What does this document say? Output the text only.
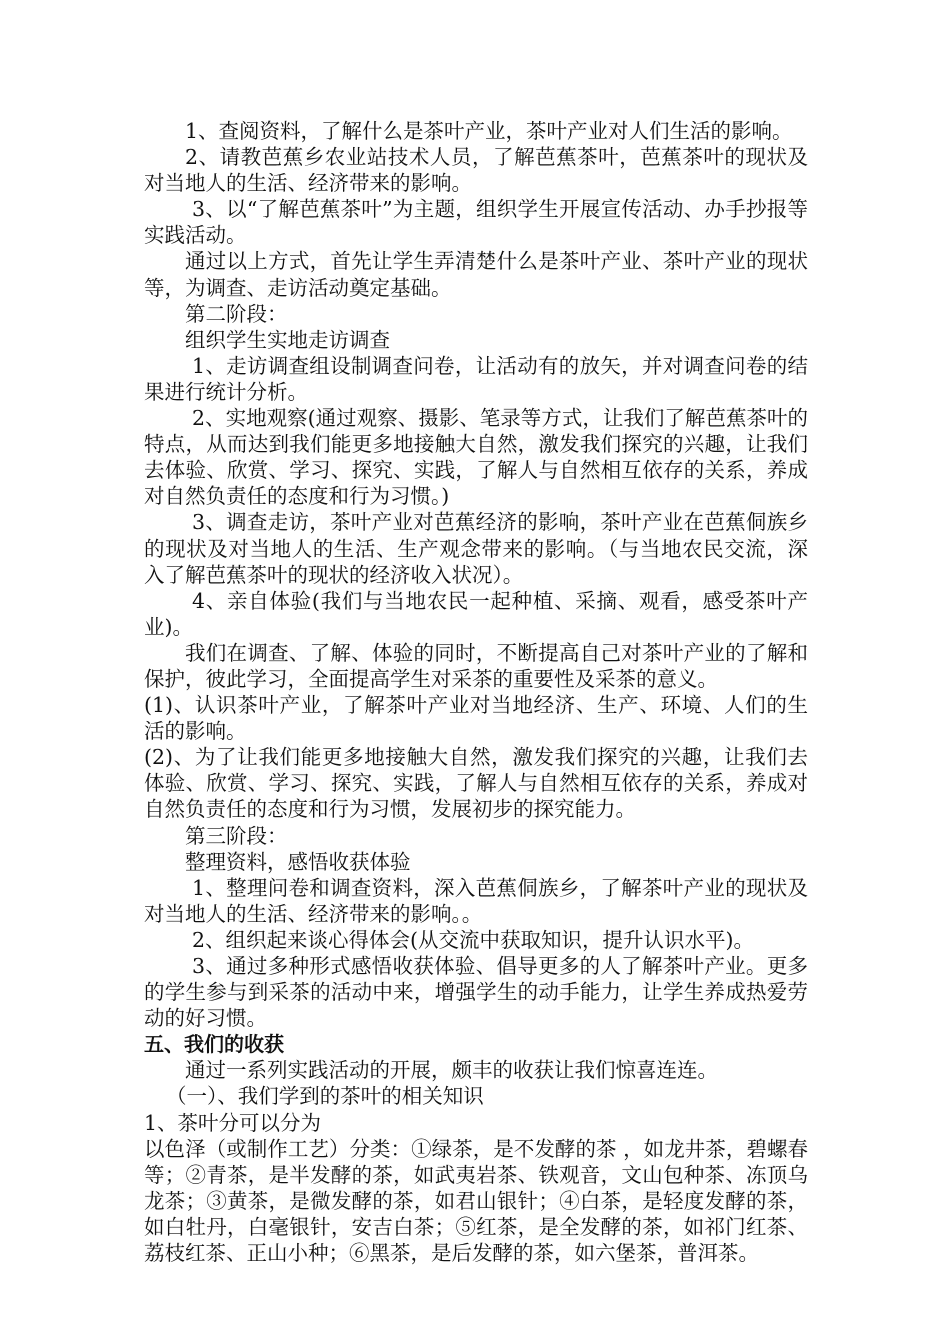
1、查阅资料，了解什么是茶叶产业，茶叶产业对人们生活的影响。

2、请教芭蕉乡农业站技术人员，了解芭蕉茶叶，芭蕉茶叶的现状及对当地人的生活、经济带来的影响。

3、以“了解芭蕉茶叶”为主题，组织学生开展宣传活动、办手抄报等实践活动。

通过以上方式，首先让学生弄清楚什么是茶叶产业、茶叶产业的现状等，为调查、走访活动奠定基础。

第二阶段：

组织学生实地走访调查

1、走访调查组设制调查问卷，让活动有的放矢，并对调查问卷的结果进行统计分析。

2、实地观察(通过观察、摄影、笔录等方式，让我们了解芭蕉茶叶的特点，从而达到我们能更多地接触大自然，激发我们探究的兴趣，让我们去体验、欣赏、学习、探究、实践，了解人与自然相互依存的关系，养成对自然负责任的态度和行为习惯。)

3、调查走访，茶叶产业对芭蕉经济的影响，茶叶产业在芭蕉侗族乡的现状及对当地人的生活、生产观念带来的影响。（与当地农民交流，深入了解芭蕉茶叶的现状的经济收入状况）。

4、亲自体验(我们与当地农民一起种植、采摘、观看，感受茶叶产业)。

我们在调查、了解、体验的同时，不断提高自己对茶叶产业的了解和保护，彼此学习，全面提高学生对采茶的重要性及采茶的意义。

(1)、认识茶叶产业，了解茶叶产业对当地经济、生产、环境、人们的生活的影响。

(2)、为了让我们能更多地接触大自然，激发我们探究的兴趣，让我们去体验、欣赏、学习、探究、实践，了解人与自然相互依存的关系，养成对自然负责任的态度和行为习惯，发展初步的探究能力。

第三阶段：

整理资料，感悟收获体验

1、整理问卷和调查资料，深入芭蕉侗族乡，了解茶叶产业的现状及对当地人的生活、经济带来的影响。。

2、组织起来谈心得体会(从交流中获取知识，提升认识水平)。

3、通过多种形式感悟收获体验、倡导更多的人了解茶叶产业。更多的学生参与到采茶的活动中来，增强学生的动手能力，让学生养成热爱劳动的好习惯。

五、我们的收获

通过一系列实践活动的开展，颇丰的收获让我们惊喜连连。

（一）、我们学到的茶叶的相关知识

1、茶叶分可以分为

以色泽（或制作工艺）分类：①绿茶，是不发酵的茶 ，如龙井茶，碧螺春等；②青茶，是半发酵的茶，如武夷岩茶、铁观音，文山包种茶、冻顶乌龙茶；③黄茶，是微发酵的茶，如君山银针；④白茶，是轻度发酵的茶，如白牡丹，白毫银针，安吉白茶；⑤红茶，是全发酵的茶，如祁门红茶、荔枝红茶、正山小种；⑥黑茶，是后发酵的茶，如六堡茶，普洱茶。
